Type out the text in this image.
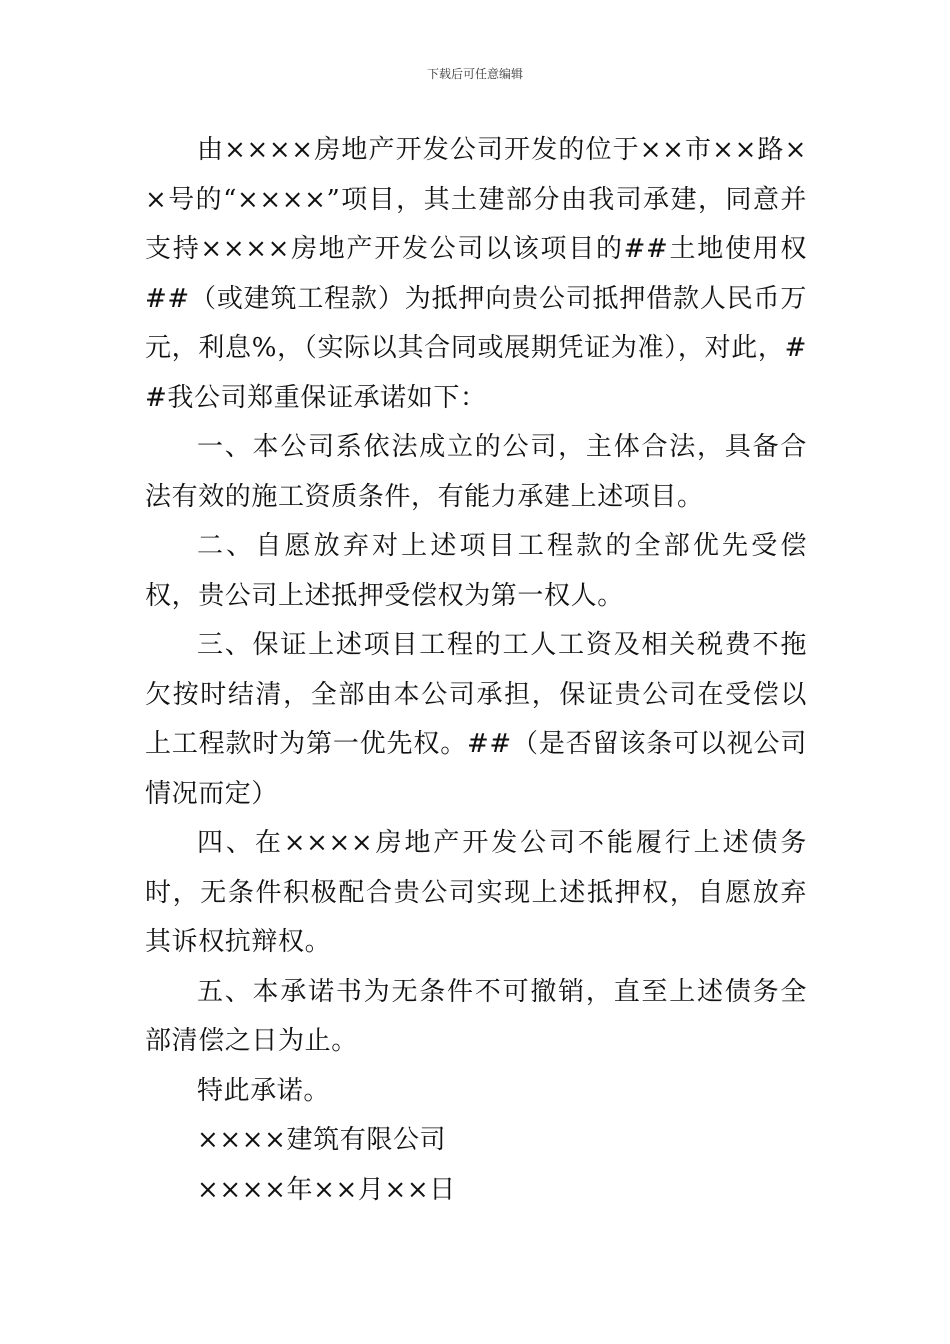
下载后可任意编辑

由××××房地产开发公司开发的位于××市××路××号的“××××”项目，其土建部分由我司承建，同意并支持××××房地产开发公司以该项目的##土地使用权##（或建筑工程款）为抵押向贵公司抵押借款人民币万元，利息%，（实际以其合同或展期凭证为准），对此，##我公司郑重保证承诺如下：

一、本公司系依法成立的公司，主体合法，具备合法有效的施工资质条件，有能力承建上述项目。

二、自愿放弃对上述项目工程款的全部优先受偿权，贵公司上述抵押受偿权为第一权人。

三、保证上述项目工程的工人工资及相关税费不拖欠按时结清，全部由本公司承担，保证贵公司在受偿以上工程款时为第一优先权。##（是否留该条可以视公司情况而定）

四、在××××房地产开发公司不能履行上述债务时，无条件积极配合贵公司实现上述抵押权，自愿放弃其诉权抗辩权。

五、本承诺书为无条件不可撤销，直至上述债务全部清偿之日为止。

特此承诺。

××××建筑有限公司

××××年××月××日
